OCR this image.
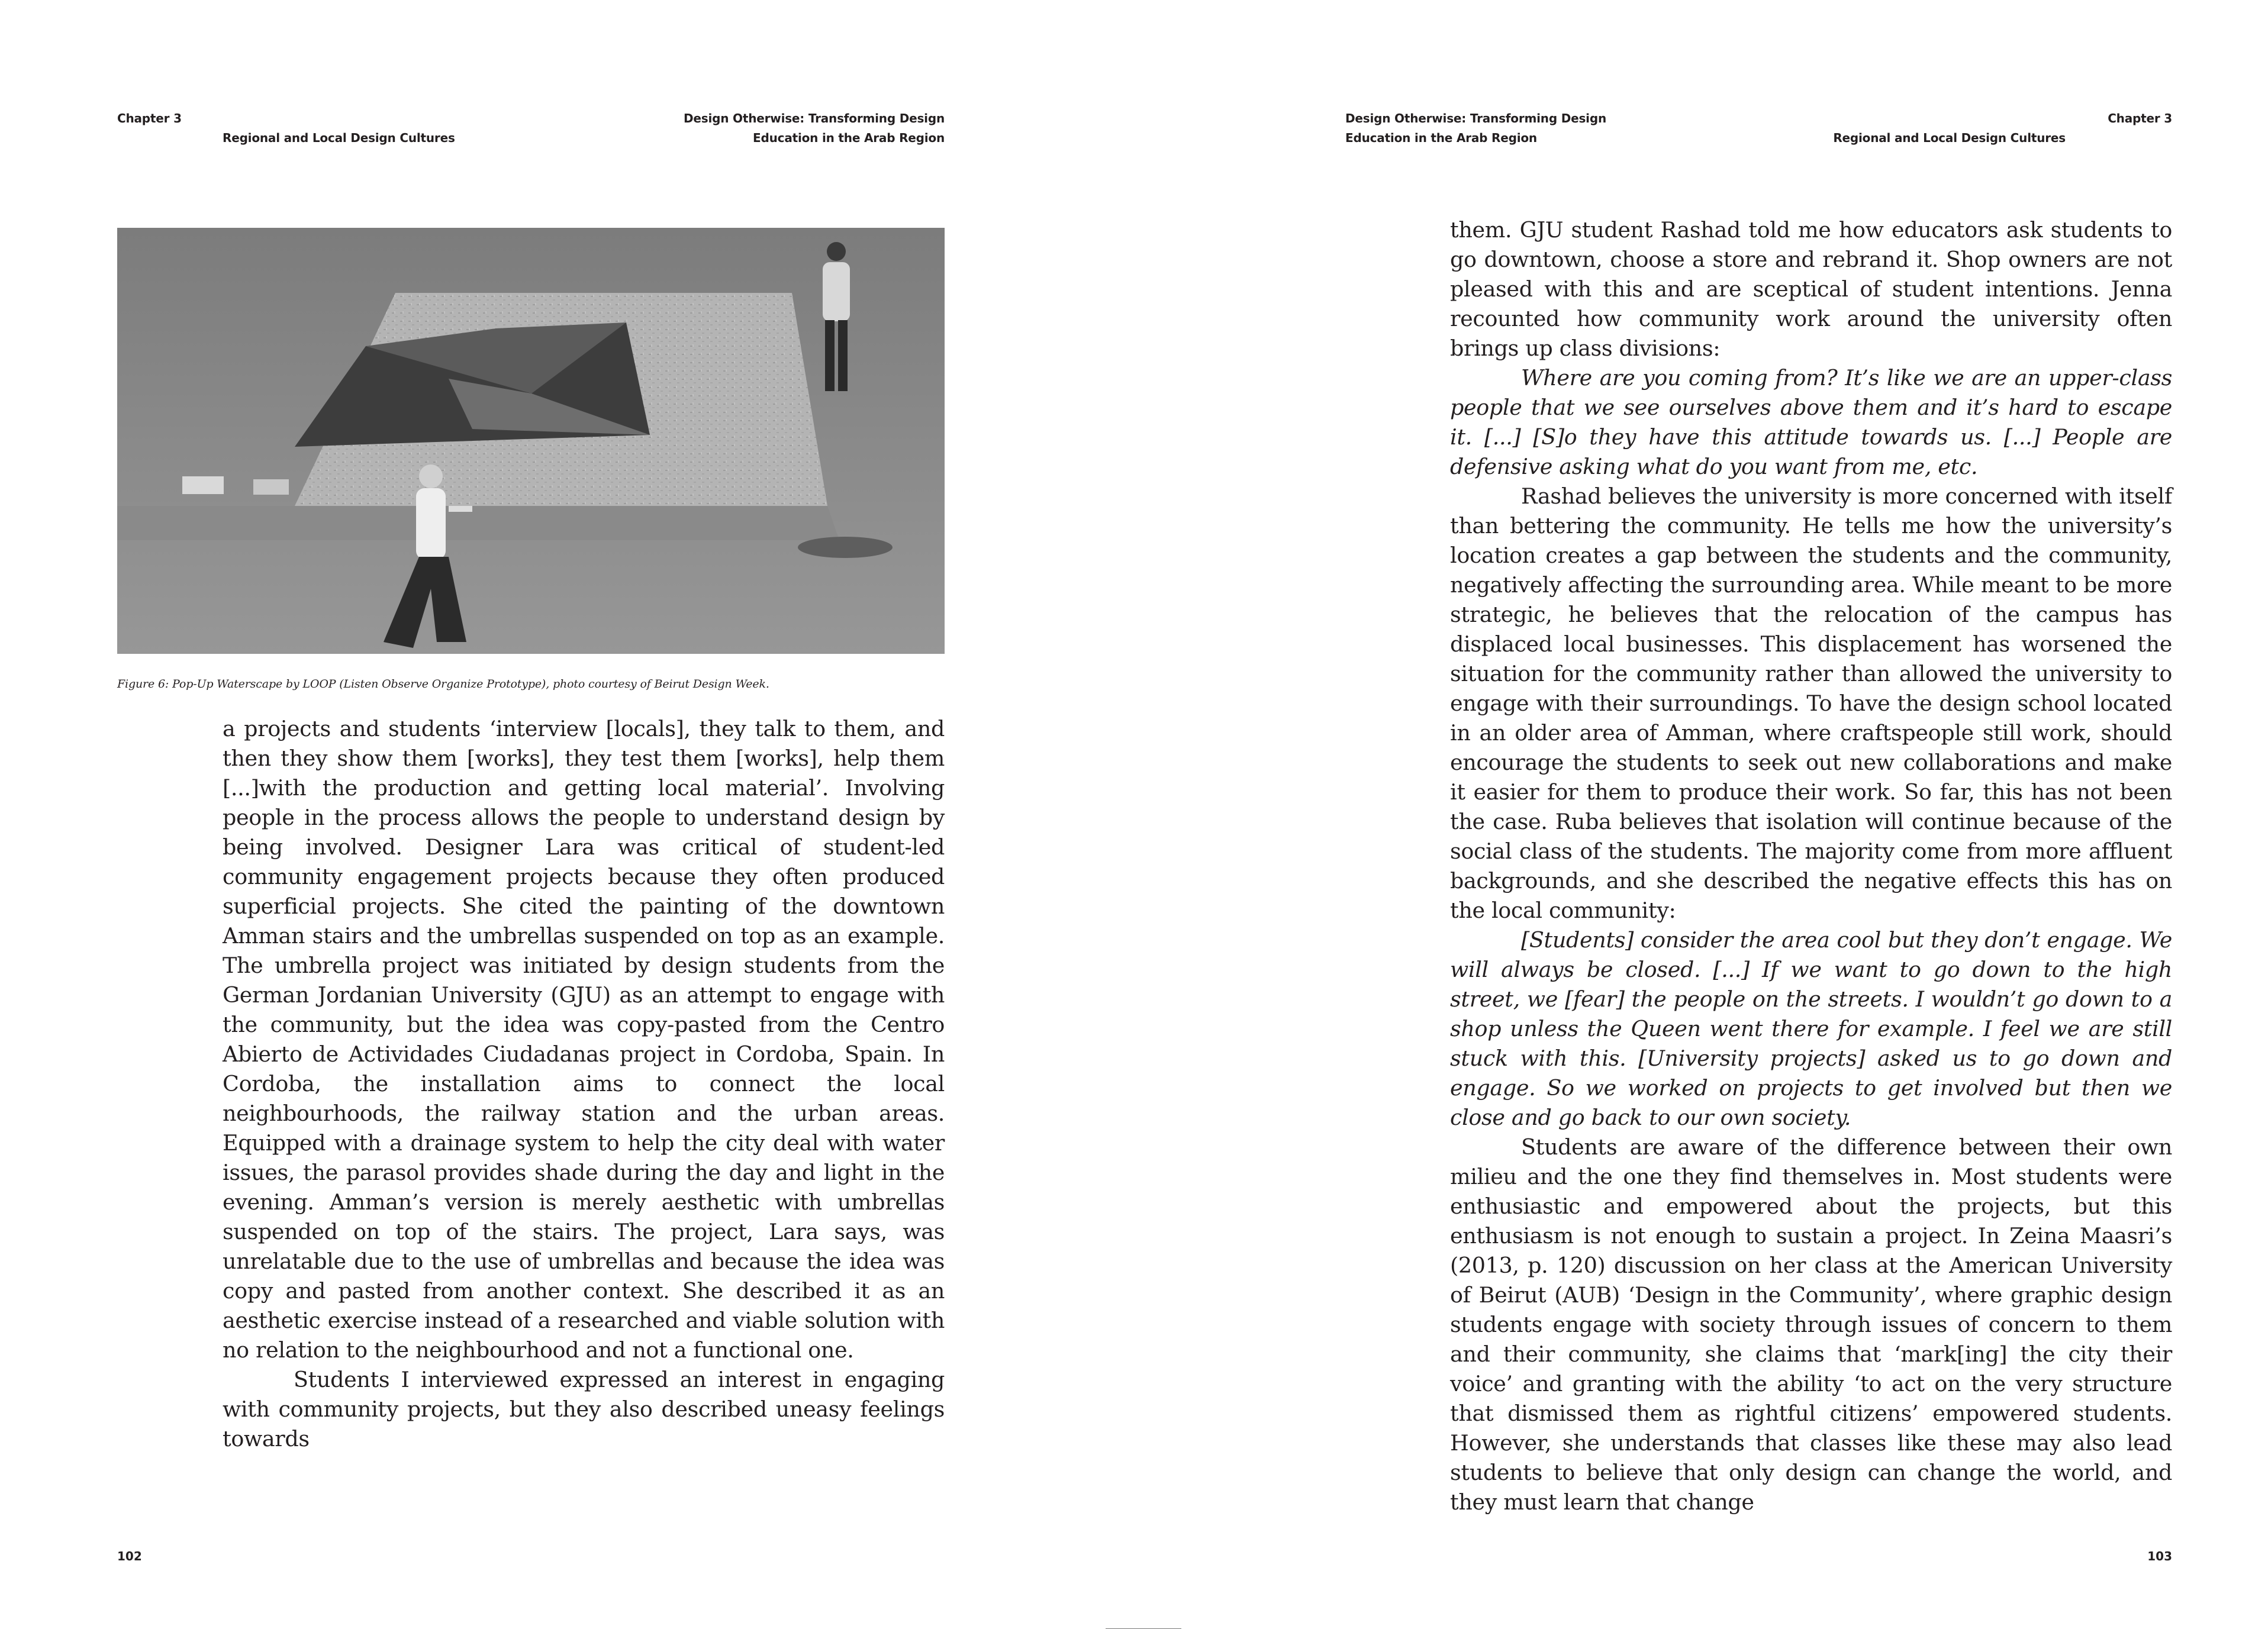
Chapter 3
Regional and Local Design Cultures
Design Otherwise: Transforming Design
Education in the Arab Region
Figure 6: Pop-Up Waterscape by LOOP (Listen Observe Organize Prototype), photo courtesy of Beirut Design Week.

a projects and students ‘interview [locals], they talk to them, and then they show them [works], they test them [works], help them [...]with the production and getting local material’. Involving people in the process allows the people to understand design by being involved. Designer Lara was critical of student-led community engagement projects because they often produced superficial projects. She cited the painting of the downtown Amman stairs and the umbrellas suspended on top as an example. The umbrella project was initiated by design students from the German Jordanian University (GJU) as an attempt to engage with the community, but the idea was copy-pasted from the Centro Abierto de Actividades Ciudadanas project in Cordoba, Spain. In Cordoba, the installation aims to connect the local neighbourhoods, the railway station and the urban areas. Equipped with a drainage system to help the city deal with water issues, the parasol provides shade during the day and light in the evening. Amman’s version is merely aesthetic with umbrellas suspended on top of the stairs. The project, Lara says, was unrelatable due to the use of umbrellas and because the idea was copy and pasted from another context. She described it as an aesthetic exercise instead of a researched and viable solution with no relation to the neighbourhood and not a functional one.

Students I interviewed expressed an interest in engaging with community projects, but they also described uneasy feelings towards

102
Design Otherwise: Transforming Design
Education in the Arab Region
Chapter 3
Regional and Local Design Cultures

them. GJU student Rashad told me how educators ask students to go downtown, choose a store and rebrand it. Shop owners are not pleased with this and are sceptical of student intentions. Jenna recounted how community work around the university often brings up class divisions:

Where are you coming from? It’s like we are an upper-class people that we see ourselves above them and it’s hard to escape it. [...] [S]o they have this attitude towards us. [...] People are defensive asking what do you want from me, etc.

Rashad believes the university is more concerned with itself than bettering the community. He tells me how the university’s location creates a gap between the students and the community, negatively affecting the surrounding area. While meant to be more strategic, he believes that the relocation of the campus has displaced local businesses. This displacement has worsened the situation for the community rather than allowed the university to engage with their surroundings. To have the design school located in an older area of Amman, where craftspeople still work, should encourage the students to seek out new collaborations and make it easier for them to produce their work. So far, this has not been the case. Ruba believes that isolation will continue because of the social class of the students. The majority come from more affluent backgrounds, and she described the negative effects this has on the local community:

[Students] consider the area cool but they don’t engage. We will always be closed. [...] If we want to go down to the high street, we [fear] the people on the streets. I wouldn’t go down to a shop unless the Queen went there for example. I feel we are still stuck with this. [University projects] asked us to go down and engage. So we worked on projects to get involved but then we close and go back to our own society.

Students are aware of the difference between their own milieu and the one they find themselves in. Most students were enthusiastic and empowered about the projects, but this enthusiasm is not enough to sustain a project. In Zeina Maasri’s (2013, p. 120) discussion on her class at the American University of Beirut (AUB) ‘Design in the Community’, where graphic design students engage with society through issues of concern to them and their community, she claims that ‘mark[ing] the city their voice’ and granting with the ability ‘to act on the very structure that dismissed them as rightful citizens’ empowered students. However, she understands that classes like these may also lead students to believe that only design can change the world, and they must learn that change

103
